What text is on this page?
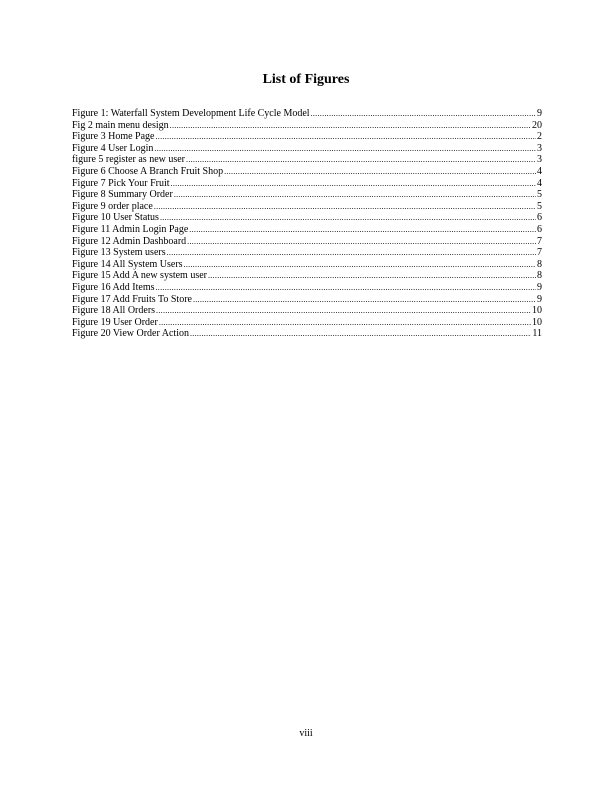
List of Figures
Figure 1: Waterfall System Development Life Cycle Model .....	9
Fig 2 main menu design .....	20
Figure 3 Home Page .....	2
Figure 4 User Login .....	3
figure 5 register as new user .....	3
Figure 6 Choose A Branch Fruit Shop .....	4
Figure 7 Pick Your Fruit .....	4
Figure 8 Summary Order .....	5
Figure 9 order place .....	5
Figure 10 User Status .....	6
Figure 11 Admin Login Page .....	6
Figure 12 Admin Dashboard .....	7
Figure 13 System users .....	7
Figure 14 All System Users .....	8
Figure 15 Add A new system user .....	8
Figure 16 Add Items .....	9
Figure 17 Add Fruits To Store .....	9
Figure 18 All Orders .....	10
Figure 19 User Order .....	10
Figure 20 View Order Action .....	11
viii
